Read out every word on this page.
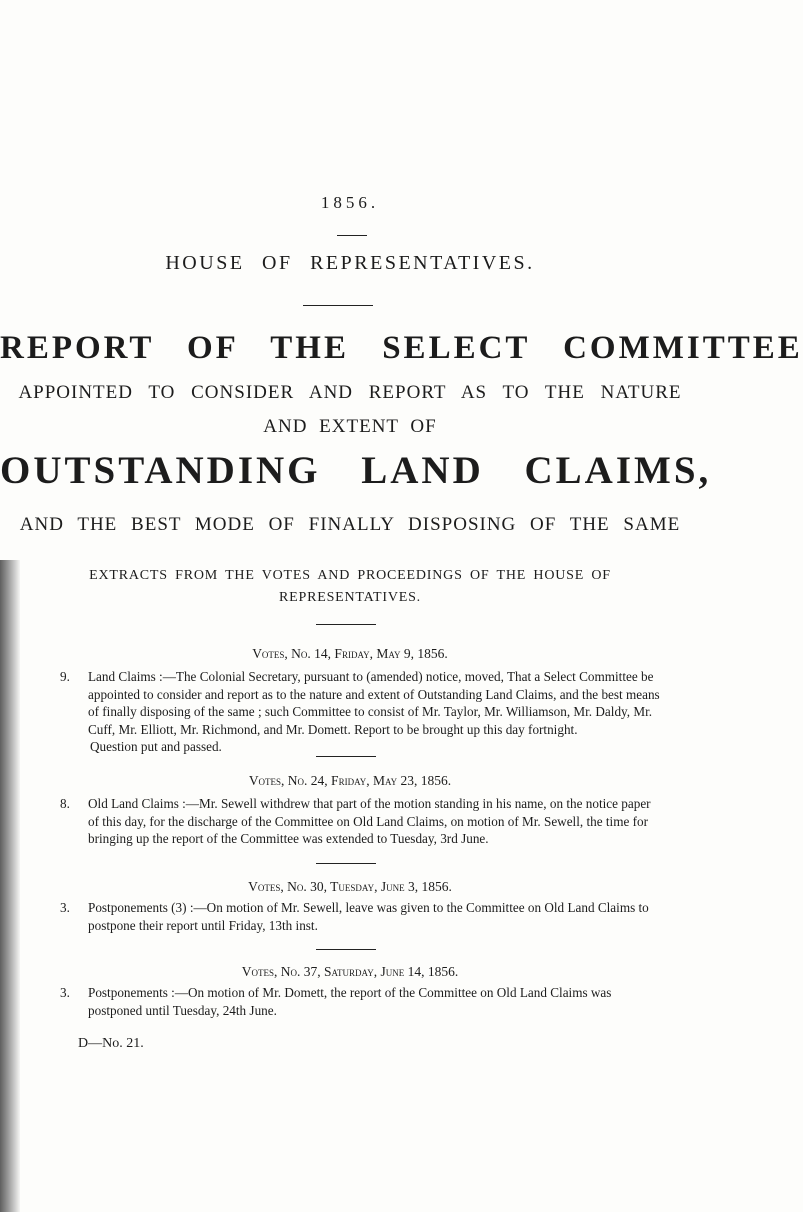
1856.
HOUSE OF REPRESENTATIVES.
REPORT OF THE SELECT COMMITTEE
APPOINTED TO CONSIDER AND REPORT AS TO THE NATURE
AND EXTENT OF
OUTSTANDING LAND CLAIMS,
AND THE BEST MODE OF FINALLY DISPOSING OF THE SAME
EXTRACTS FROM THE VOTES AND PROCEEDINGS OF THE HOUSE OF
REPRESENTATIVES.
Votes, No. 14, Friday, May 9, 1856.
9. Land Claims :—The Colonial Secretary, pursuant to (amended) notice, moved, That a Select Committee be appointed to consider and report as to the nature and extent of Outstanding Land Claims, and the best means of finally disposing of the same ; such Committee to consist of Mr. Taylor, Mr. Williamson, Mr. Daldy, Mr. Cuff, Mr. Elliott, Mr. Richmond, and Mr. Domett. Report to be brought up this day fortnight.

Question put and passed.

Votes, No. 24, Friday, May 23, 1856.
8. Old Land Claims :—Mr. Sewell withdrew that part of the motion standing in his name, on the notice paper of this day, for the discharge of the Committee on Old Land Claims, on motion of Mr. Sewell, the time for bringing up the report of the Committee was extended to Tuesday, 3rd June.

Votes, No. 30, Tuesday, June 3, 1856.
3. Postponements (3) :—On motion of Mr. Sewell, leave was given to the Committee on Old Land Claims to postpone their report until Friday, 13th inst.

Votes, No. 37, Saturday, June 14, 1856.
3. Postponements :—On motion of Mr. Domett, the report of the Committee on Old Land Claims was postponed until Tuesday, 24th June.

D—No. 21.
